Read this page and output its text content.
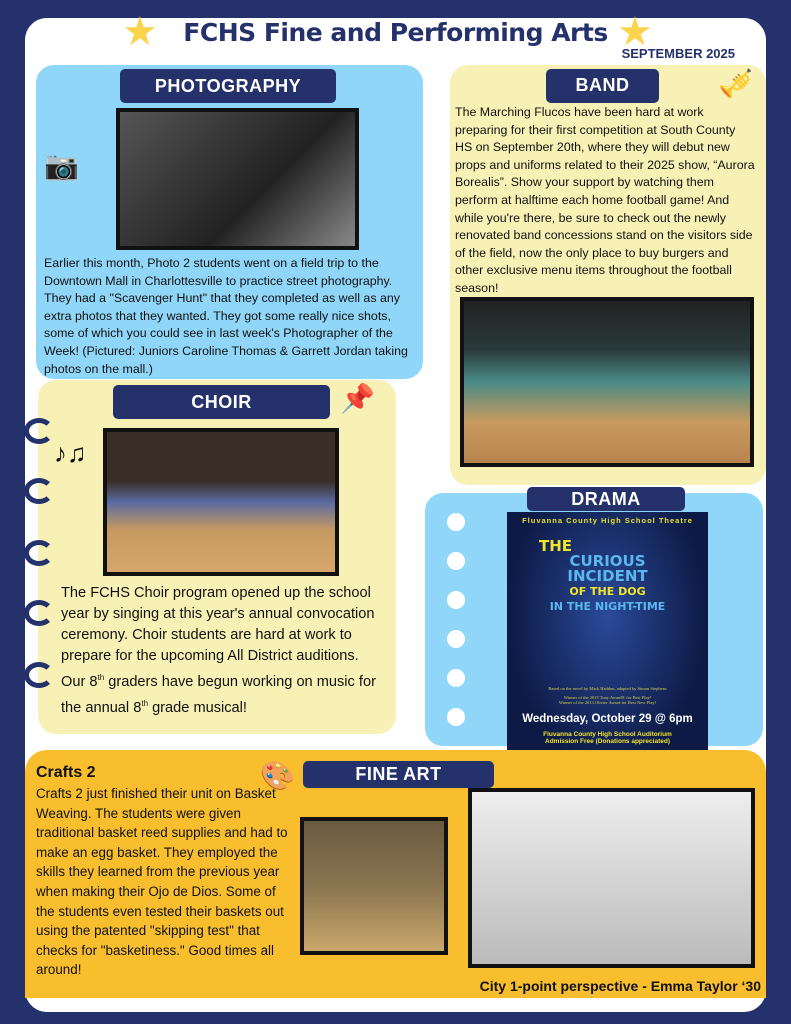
★	★
FCHS Fine and Performing Arts
SEPTEMBER 2025
PHOTOGRAPHY
📷
Earlier this month, Photo 2 students went on a field trip to the Downtown Mall in Charlottesville to practice street photography. They had a "Scavenger Hunt" that they completed as well as any extra photos that they wanted. They got some really nice shots, some of which you could see in last week's Photographer of the Week! (Pictured: Juniors Caroline Thomas & Garrett Jordan taking photos on the mall.)
BAND	🎺
The Marching Flucos have been hard at work preparing for their first competition at South County HS on September 20th, where they will debut new props and uniforms related to their 2025 show, “Aurora Borealis”. Show your support by watching them perform at halftime each home football game! And while you're there, be sure to check out the newly renovated band concessions stand on the visitors side of the field, now the only place to buy burgers and other exclusive menu items throughout the football season!
CHOIR	📌
♪♫
The FCHS Choir program opened up the school year by singing at this year's annual convocation ceremony. Choir students are hard at work to prepare for the upcoming All District auditions. Our 8th graders have begun working on music for the annual 8th grade musical!
DRAMA
Fluvanna County High School Theatre
THE
CURIOUS
INCIDENT
OF THE DOG
IN THE NIGHT-TIME
Based on the novel by Mark Haddon, adapted by Simon Stephens
Winner of the 2015 Tony Award® for Best Play!
Winner of the 2013 Olivier Award for Best New Play!
Wednesday, October 29 @ 6pm
Fluvanna County High School Auditorium
Admission Free (Donations appreciated)
FINE ART
Crafts 2	🎨
Crafts 2 just finished their unit on Basket Weaving. The students were given traditional basket reed supplies and had to make an egg basket. They employed the skills they learned from the previous year when making their Ojo de Dios. Some of the students even tested their baskets out using the patented "skipping test" that checks for "basketiness." Good times all around!
City 1-point perspective - Emma Taylor ‘30
